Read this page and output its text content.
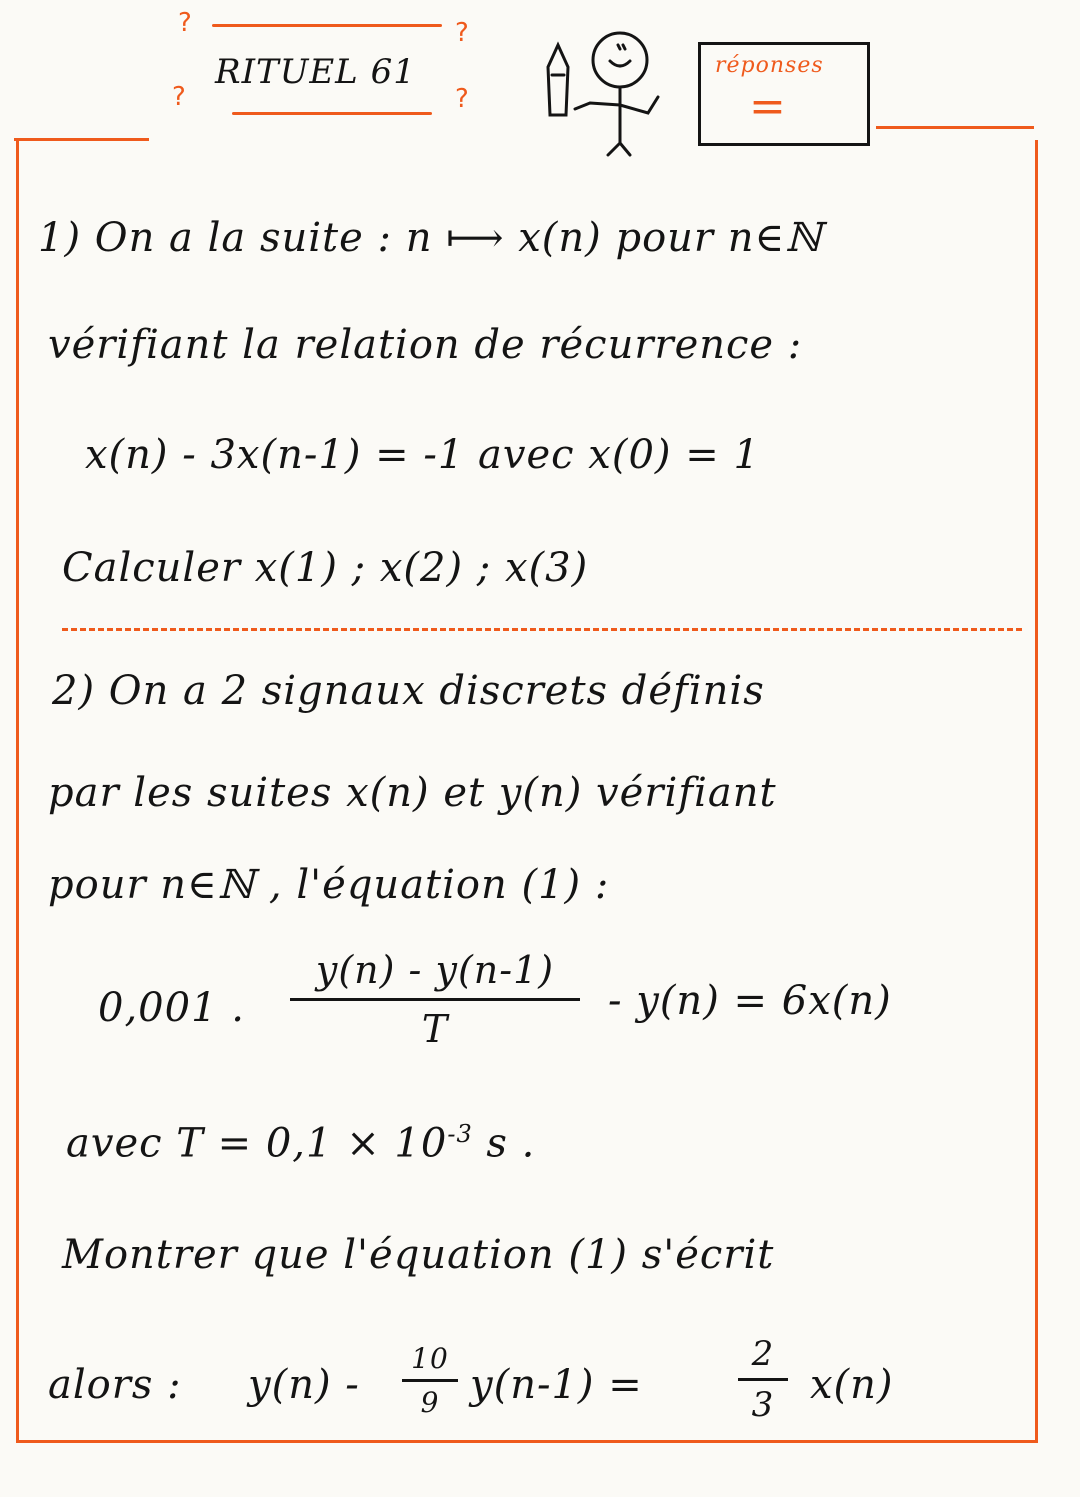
?	?
?	?
RITUEL 61	réponses
=
1) On a la suite : n ⟼ x(n) pour n∈ℕ
vérifiant la relation de récurrence :
x(n) - 3x(n-1) = -1 avec x(0) = 1
Calculer x(1) ; x(2) ; x(3)
2) On a 2 signaux discrets définis
par les suites x(n) et y(n) vérifiant
pour n∈ℕ , l'équation (1) :
0,001 .
y(n) - y(n-1)
T
- y(n) = 6x(n)
avec $T = 0,1 \times 10^{-3}$ s .
Montrer que l'équation (1) s'écrit
alors : y(n) -
10
9 y(n-1) =
2
3 x(n)
